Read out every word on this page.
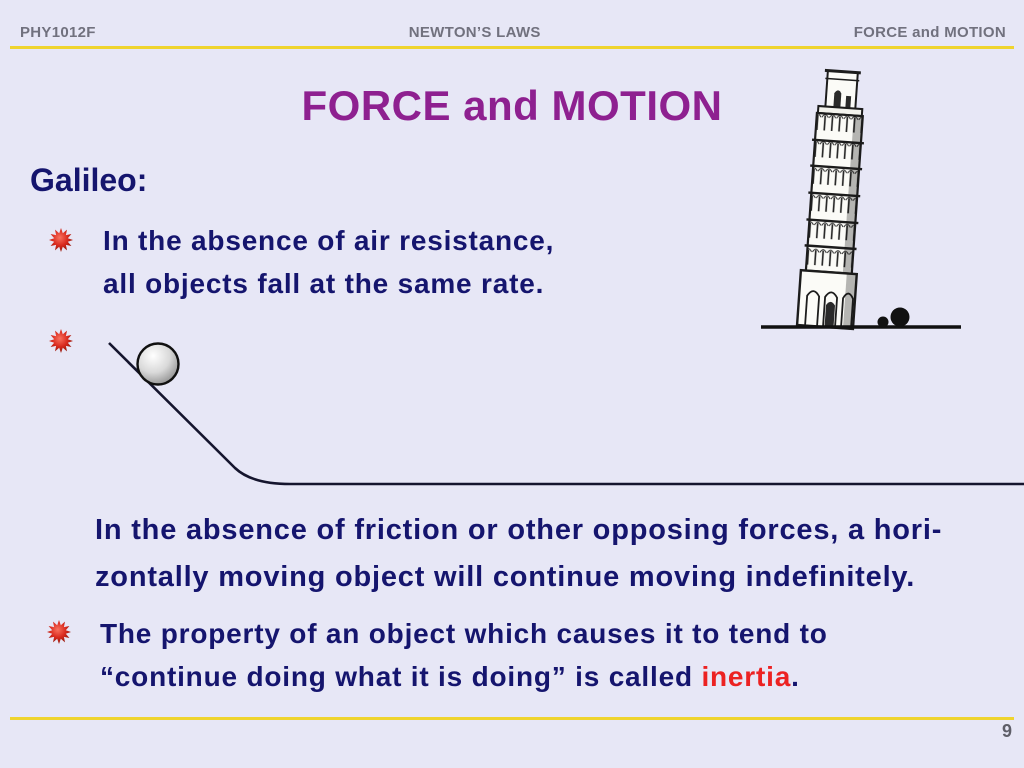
PHY1012F	NEWTON’S LAWS	FORCE and MOTION
FORCE and MOTION
Galileo:
In the absence of air resistance,
all objects fall at the same rate.
In the absence of friction or other opposing forces, a hori-
zontally moving object will continue moving indefinitely.
The property of an object which causes it to tend to
“continue doing what it is doing” is called inertia.
9
